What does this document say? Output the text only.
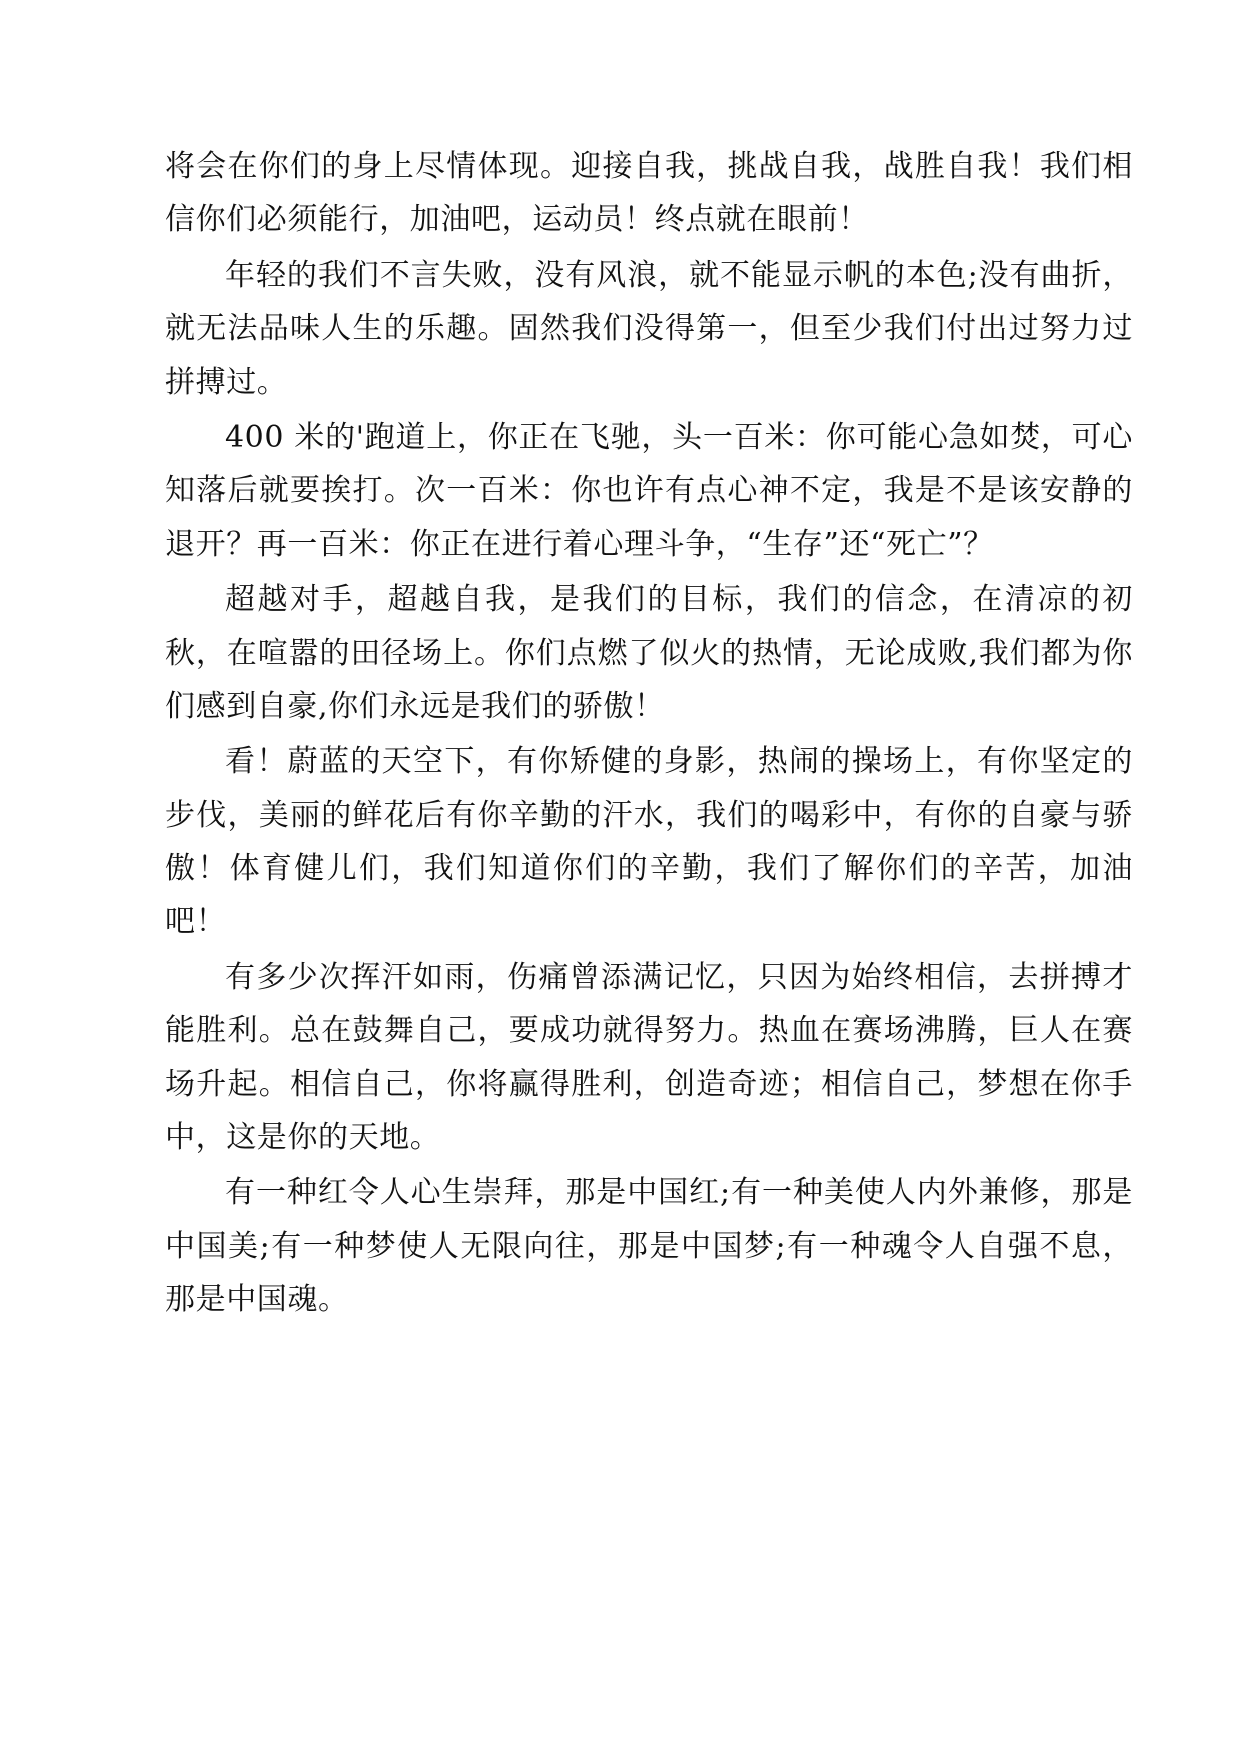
将会在你们的身上尽情体现。迎接自我，挑战自我，战胜自我！我们相信你们必须能行，加油吧，运动员！终点就在眼前！

年轻的我们不言失败，没有风浪，就不能显示帆的本色;没有曲折，就无法品味人生的乐趣。固然我们没得第一，但至少我们付出过努力过拼搏过。

400 米的'跑道上，你正在飞驰，头一百米：你可能心急如焚，可心知落后就要挨打。次一百米：你也许有点心神不定，我是不是该安静的退开？再一百米：你正在进行着心理斗争，“生存”还“死亡”？

超越对手，超越自我，是我们的目标，我们的信念，在清凉的初秋，在喧嚣的田径场上。你们点燃了似火的热情，无论成败,我们都为你们感到自豪,你们永远是我们的骄傲！

看！蔚蓝的天空下，有你矫健的身影，热闹的操场上，有你坚定的步伐，美丽的鲜花后有你辛勤的汗水，我们的喝彩中，有你的自豪与骄傲！体育健儿们，我们知道你们的辛勤，我们了解你们的辛苦，加油吧！

有多少次挥汗如雨，伤痛曾添满记忆，只因为始终相信，去拼搏才能胜利。总在鼓舞自己，要成功就得努力。热血在赛场沸腾，巨人在赛场升起。相信自己，你将赢得胜利，创造奇迹；相信自己，梦想在你手中，这是你的天地。

有一种红令人心生崇拜，那是中国红;有一种美使人内外兼修，那是中国美;有一种梦使人无限向往，那是中国梦;有一种魂令人自强不息，那是中国魂。
